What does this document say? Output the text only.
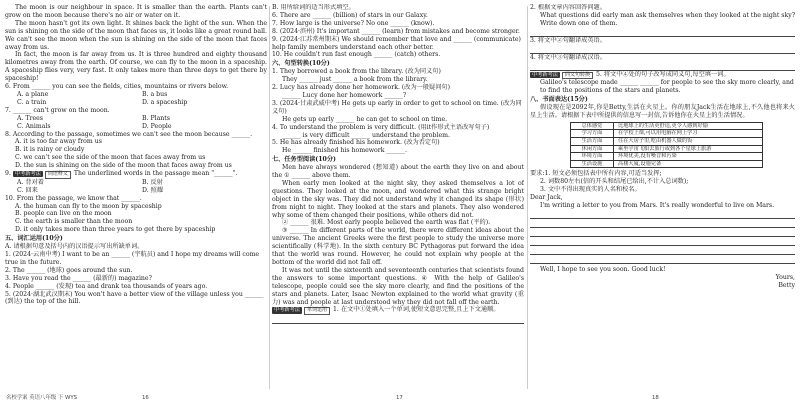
The moon is our neighbour in space. It is smaller than the earth. Plants can't grow on the moon because there's no air or water on it.

The moon hasn't got its own light. It shines back the light of the sun. When the sun is shining on the side of the moon that faces us, it looks like a great round ball. We can't see the moon when the sun is shining on the side of the moon that faces away from us.

In fact, the moon is far away from us. It is three hundred and eighty thousand kilometres away from the earth. Of course, we can fly to the moon in a spaceship. A spaceship flies very, very fast. It only takes more than three days to get there by spaceship!

6. From ______ you can see the fields, cities, mountains or rivers below.

A. a plane	B. a bus
C. a train	D. a spaceship

7. ______ can't grow on the moon.

A. Trees	B. Plants
C. Animals	D. People

8. According to the passage, sometimes we can't see the moon because ______.

A. it is too far away from us

B. it is rainy or cloudy

C. we can't see the side of the moon that faces away from us

D. the sun is shining on the side of the moon that faces away from us

9. 中考新考法 词语释义 The underlined words in the passage mean "______".

A. 背对着	B. 反射
C. 回来	D. 照耀

10. From the passage, we know that ______.

A. the human can fly to the moon by spaceship

B. people can live on the moon

C. the earth is smaller than the moon

D. it only takes more than three years to get there by spaceship

五、词汇运用(10分)

A. 请根据句意及括号内的汉语提示写出所缺单词。

1. (2024·云南中考) I want to be an ______ (宇航员) and I hope my dreams will come true in the future.

2. The ______ (地球) goes around the sun.

3. Have you read the ______ (最新的) magazine?

4. People ______ (发现) tea and drank tea thousands of years ago.

5. (2024·湖北武汉期末) You won't have a better view of the village unless you ______ (到达) the top of the hill.

名校学案 英语八年级 下 WYS	16

B. 用所给词的适当形式填空。

6. There are ______ (billion) of stars in our Galaxy.

7. How large is the universe? No one ______ (know).

8. (2024·滨州) It's important ______ (learn) from mistakes and become stronger.

9. (2024·江苏常州期末) We should remember that love and ______ (communicate) help family members understand each other better.

10. He couldn't run fast enough ______ (catch) others.

六、句型转换(10分)

1. They borrowed a book from the library. (改为同义句)

They ______ just ______ a book from the library.

2. Lucy has already done her homework. (改为一般疑问句)

______ Lucy done her homework ______?

3. (2024·甘肃武威中考) He gets up early in order to get to school on time. (改为同义句)

He gets up early ______ he can get to school on time.

4. To understand the problem is very difficult. (用it作形式主语改写句子)

______ is very difficult ______ understand the problem.

5. He has already finished his homework. (改为否定句)

He ______ finished his homework ______.

七、任务型阅读(10分)

Men have always wondered (想知道) about the earth they live on and about the ① ______ above them.

When early men looked at the night sky, they asked themselves a lot of questions. They looked at the moon, and wondered what this strange bright object in the sky was. They did not understand why it changed its shape (形状) from night to night. They looked at the stars and planets. They also wondered why some of them changed their positions, while others did not.

② ______ 很难. Most early people believed the earth was flat (平的).

③ ______ In different parts of the world, there were different ideas about the universe. The ancient Greeks were the first people to study the universe more scientifically (科学地). In the sixth century BC Pythagoras put forward the idea that the world was round. However, he could not explain why people at the bottom of the world did not fall off.

It was not until the sixteenth and seventeenth centuries that scientists found the answers to some important questions. ④ With the help of Galileo's telescope, people could see the sky more clearly, and find the positions of the stars and planets. Later, Isaac Newton explained to the world what gravity (重力) was and people at last understood why they did not fall off the earth.

中考新考法 单词运用 1. 在文中①处填入一个单词,使短文意思完整,且上下文通顺。

17

2. 根据文章内容回答问题。

What questions did early man ask themselves when they looked at the night sky? Write down one of them.

3. 将文中②句翻译成英语。

4. 将文中③句翻译成汉语。

中考新考法 同义句转换 5. 将文中④处的句子改写成同义句,每空填一词。

Galileo's telescope made ______ ______ for people to see the sky more clearly, and to find the positions of the stars and planets.

八、书面表达(15分)

假设现在是2092年,你是Betty,生活在火星上。你的朋友Jack生活在地球上,不久他也将来火星上生活。请根据下表中所提供的信息写一封信,告诉他你在火星上的生活情况。

总体感觉	比地球上的生活更舒适,更令人感到好愉
学习方面	在学校上课,可以用电脑在网上学习
生活方面	住在大房子里,吃由机器人做的饭
休闲方面	乘坐宇宙飞船去旅行或到各个星球上旅游
环境方面	环境优美,没有噪音和污染
生活设施	高楼大厦,设施完备

要求:1. 短文必须包括表中所有内容,可适当发挥;

2. 词数80左右(信的开头和结尾已给出,不计入总词数);

3. 文中不得出现真实的人名和校名。

Dear Jack,

I'm writing a letter to you from Mars. It's really wonderful to live on Mars.

Well, I hope to see you soon. Good luck!

Yours,

Betty

18
